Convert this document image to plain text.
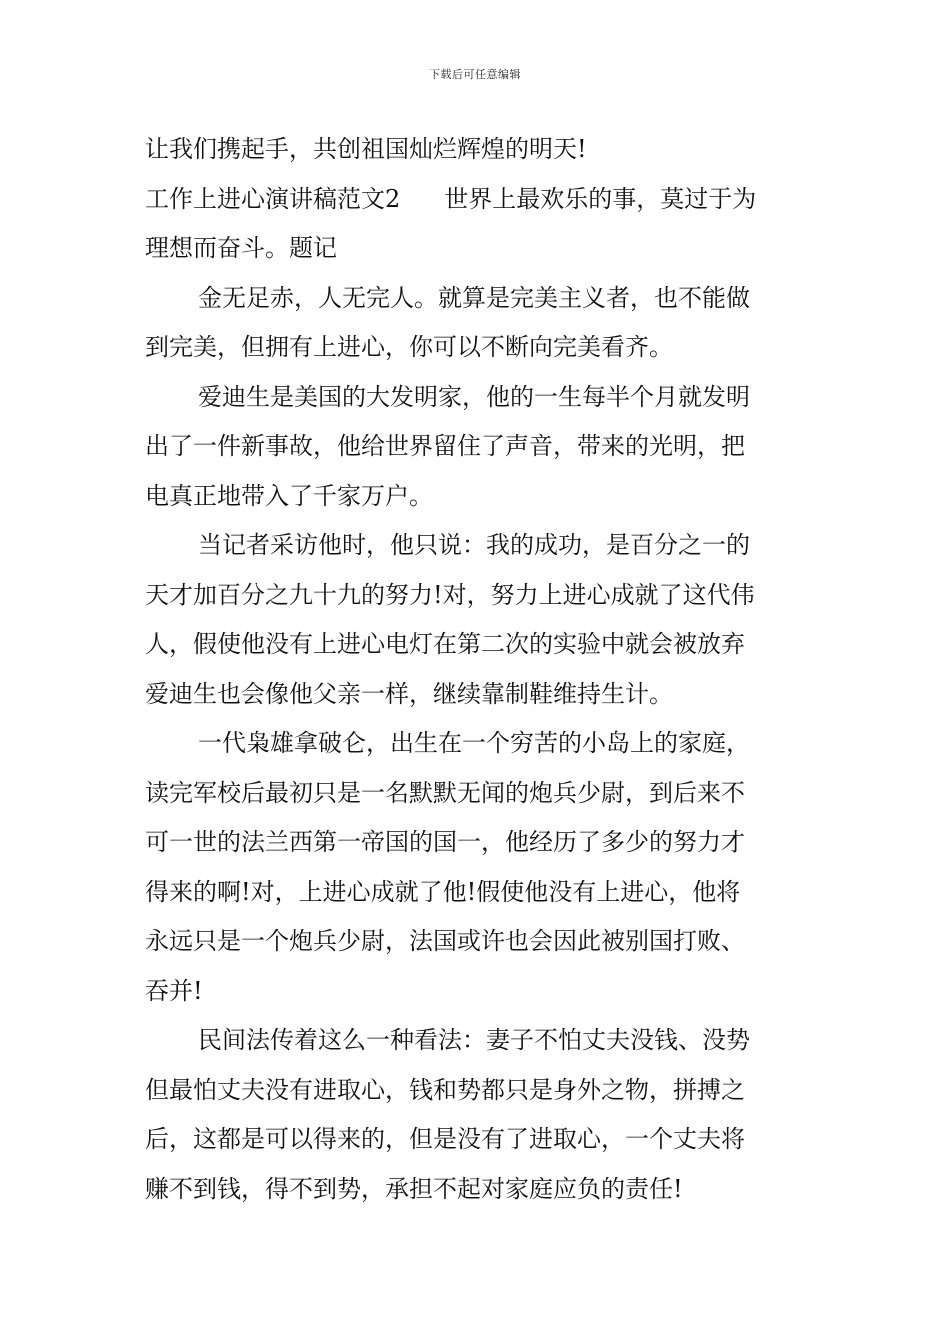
下载后可任意编辑
让我们携起手，共创祖国灿烂辉煌的明天!
工作上进心演讲稿范文2 世界上最欢乐的事，莫过于为
理想而奋斗。题记
金无足赤，人无完人。就算是完美主义者，也不能做
到完美，但拥有上进心，你可以不断向完美看齐。
爱迪生是美国的大发明家，他的一生每半个月就发明
出了一件新事故，他给世界留住了声音，带来的光明，把
电真正地带入了千家万户。
当记者采访他时，他只说：我的成功，是百分之一的
天才加百分之九十九的努力!对，努力上进心成就了这代伟
人，假使他没有上进心电灯在第二次的实验中就会被放弃
爱迪生也会像他父亲一样，继续靠制鞋维持生计。
一代枭雄拿破仑，出生在一个穷苦的小岛上的家庭，
读完军校后最初只是一名默默无闻的炮兵少尉，到后来不
可一世的法兰西第一帝国的国一，他经历了多少的努力才
得来的啊!对，上进心成就了他!假使他没有上进心，他将
永远只是一个炮兵少尉，法国或许也会因此被别国打败、
吞并!
民间法传着这么一种看法：妻子不怕丈夫没钱、没势
但最怕丈夫没有进取心，钱和势都只是身外之物，拼搏之
后，这都是可以得来的，但是没有了进取心，一个丈夫将
赚不到钱，得不到势，承担不起对家庭应负的责任!
